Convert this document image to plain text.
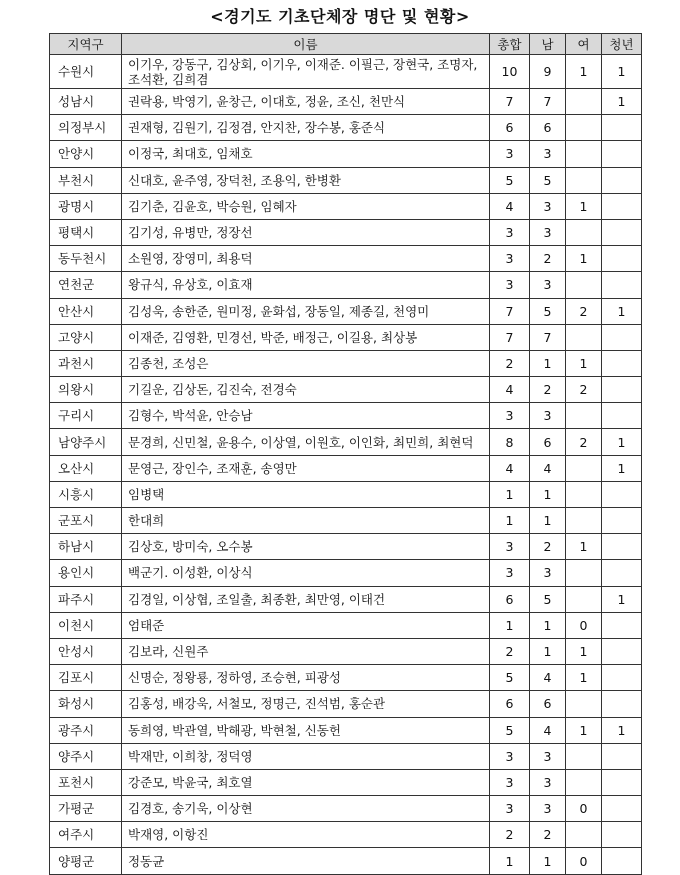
<경기도 기초단체장 명단 및 현황>
지역구	이름	총합	남	여	청년
수원시	이기우, 강동구, 김상회, 이기우, 이재준. 이필근, 장현국, 조명자, 조석환, 김희겸	10	9	1	1
성남시	권락용, 박영기, 윤창근, 이대호, 정윤, 조신, 천만식	7	7		1
의정부시	권재형, 김원기, 김정겸, 안지찬, 장수봉, 홍준식	6	6		
안양시	이정국, 최대호, 임채호	3	3		
부천시	신대호, 윤주영, 장덕천, 조용익, 한병환	5	5		
광명시	김기춘, 김윤호, 박승원, 임혜자	4	3	1	
평택시	김기성, 유병만, 정장선	3	3		
동두천시	소원영, 장영미, 최용덕	3	2	1	
연천군	왕규식, 유상호, 이효재	3	3		
안산시	김성욱, 송한준, 원미정, 윤화섭, 장동일, 제종길, 천영미	7	5	2	1
고양시	이재준, 김영환, 민경선, 박준, 배정근, 이길용, 최상봉	7	7		
과천시	김종천, 조성은	2	1	1	
의왕시	기길운, 김상돈, 김진숙, 전경숙	4	2	2	
구리시	김형수, 박석윤, 안승남	3	3		
남양주시	문경희, 신민철, 윤용수, 이상열, 이원호, 이인화, 최민희, 최현덕	8	6	2	1
오산시	문영근, 장인수, 조재훈, 송영만	4	4		1
시흥시	임병택	1	1		
군포시	한대희	1	1		
하남시	김상호, 방미숙, 오수봉	3	2	1	
용인시	백군기. 이성환, 이상식	3	3		
파주시	김경일, 이상협, 조일출, 최종환, 최만영, 이태건	6	5		1
이천시	엄태준	1	1	0	
안성시	김보라, 신원주	2	1	1	
김포시	신명순, 정왕룡, 정하영, 조승현, 피광성	5	4	1	
화성시	김홍성, 배강욱, 서철모, 정명근, 진석범, 홍순관	6	6		
광주시	동희영, 박관열, 박해광, 박현철, 신동헌	5	4	1	1
양주시	박재만, 이희창, 정덕영	3	3		
포천시	강준모, 박윤국, 최호열	3	3		
가평군	김경호, 송기욱, 이상현	3	3	0	
여주시	박재영, 이항진	2	2		
양평군	정동균	1	1	0	
